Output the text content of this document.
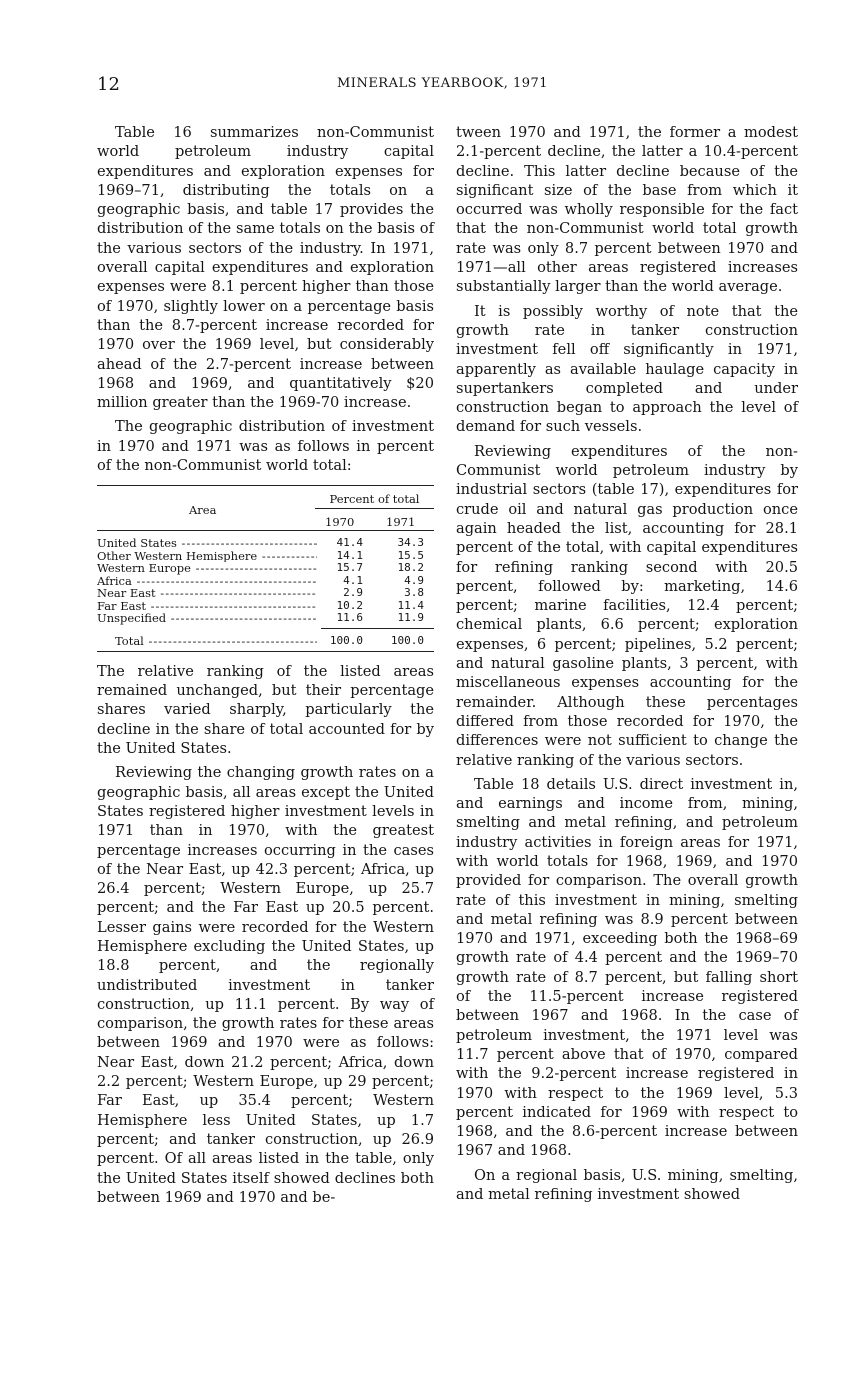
12	MINERALS YEARBOOK, 1971

Table 16 summarizes non-Communist world petroleum industry capital expenditures and exploration expenses for 1969–71, distributing the totals on a geographic basis, and table 17 provides the distribution of the same totals on the basis of the various sectors of the industry. In 1971, overall capital expenditures and exploration expenses were 8.1 percent higher than those of 1970, slightly lower on a percentage basis than the 8.7-percent increase recorded for 1970 over the 1969 level, but considerably ahead of the 2.7-percent increase between 1968 and 1969, and quantitatively $20 million greater than the 1969-70 increase.

The geographic distribution of investment in 1970 and 1971 was as follows in percent of the non-Communist world total:

Area
Percent of total
1970	1971
United States -----	41.4	34.3
Other Western Hemisphere -----	14.1	15.5
Western Europe -----	15.7	18.2
Africa -----	4.1	4.9
Near East -----	2.9	3.8
Far East -----	10.2	11.4
Unspecified -----	11.6	11.9
Total -----	100.0	100.0

The relative ranking of the listed areas remained unchanged, but their percentage shares varied sharply, particularly the decline in the share of total accounted for by the United States.

Reviewing the changing growth rates on a geographic basis, all areas except the United States registered higher investment levels in 1971 than in 1970, with the greatest percentage increases occurring in the cases of the Near East, up 42.3 percent; Africa, up 26.4 percent; Western Europe, up 25.7 percent; and the Far East up 20.5 percent. Lesser gains were recorded for the Western Hemisphere excluding the United States, up 18.8 percent, and the regionally undistributed investment in tanker construction, up 11.1 percent. By way of comparison, the growth rates for these areas between 1969 and 1970 were as follows: Near East, down 21.2 percent; Africa, down 2.2 percent; Western Europe, up 29 percent; Far East, up 35.4 percent; Western Hemisphere less United States, up 1.7 percent; and tanker construction, up 26.9 percent. Of all areas listed in the table, only the United States itself showed declines both between 1969 and 1970 and be-

tween 1970 and 1971, the former a modest 2.1-percent decline, the latter a 10.4-percent decline. This latter decline because of the significant size of the base from which it occurred was wholly responsible for the fact that the non-Communist world total growth rate was only 8.7 percent between 1970 and 1971—all other areas registered increases substantially larger than the world average.

It is possibly worthy of note that the growth rate in tanker construction investment fell off significantly in 1971, apparently as available haulage capacity in supertankers completed and under construction began to approach the level of demand for such vessels.

Reviewing expenditures of the non-Communist world petroleum industry by industrial sectors (table 17), expenditures for crude oil and natural gas production once again headed the list, accounting for 28.1 percent of the total, with capital expenditures for refining ranking second with 20.5 percent, followed by: marketing, 14.6 percent; marine facilities, 12.4 percent; chemical plants, 6.6 percent; exploration expenses, 6 percent; pipelines, 5.2 percent; and natural gasoline plants, 3 percent, with miscellaneous expenses accounting for the remainder. Although these percentages differed from those recorded for 1970, the differences were not sufficient to change the relative ranking of the various sectors.

Table 18 details U.S. direct investment in, and earnings and income from, mining, smelting and metal refining, and petroleum industry activities in foreign areas for 1971, with world totals for 1968, 1969, and 1970 provided for comparison. The overall growth rate of this investment in mining, smelting and metal refining was 8.9 percent between 1970 and 1971, exceeding both the 1968–69 growth rate of 4.4 percent and the 1969–70 growth rate of 8.7 percent, but falling short of the 11.5-percent increase registered between 1967 and 1968. In the case of petroleum investment, the 1971 level was 11.7 percent above that of 1970, compared with the 9.2-percent increase registered in 1970 with respect to the 1969 level, 5.3 percent indicated for 1969 with respect to 1968, and the 8.6-percent increase between 1967 and 1968.

On a regional basis, U.S. mining, smelting, and metal refining investment showed
